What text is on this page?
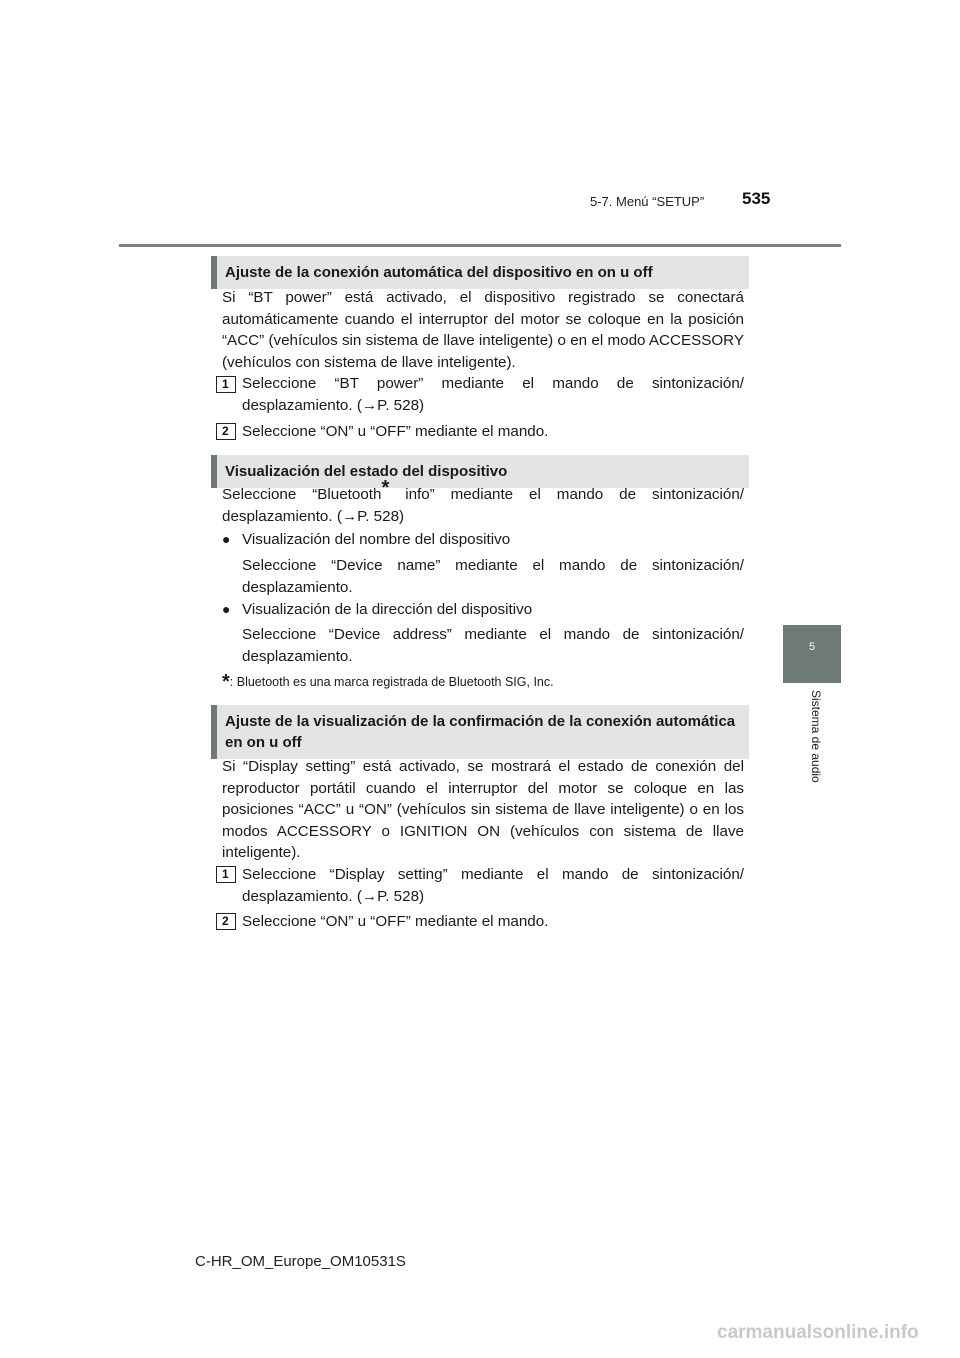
5-7. Menú “SETUP” 535
5
Sistema de audio
Ajuste de la conexión automática del dispositivo en on u off
Si “BT power” está activado, el dispositivo registrado se conectará automáticamente cuando el interruptor del motor se coloque en la posición “ACC” (vehículos sin sistema de llave inteligente) o en el modo ACCESSORY (vehículos con sistema de llave inteligente).
1 Seleccione “BT power” mediante el mando de sintonización/ desplazamiento. (→P. 528)
2 Seleccione “ON” u “OFF” mediante el mando.
Visualización del estado del dispositivo
Seleccione “Bluetooth* info” mediante el mando de sintonización/ desplazamiento. (→P. 528)
● Visualización del nombre del dispositivo
Seleccione “Device name” mediante el mando de sintonización/ desplazamiento.
● Visualización de la dirección del dispositivo
Seleccione “Device address” mediante el mando de sintonización/ desplazamiento.
*: Bluetooth es una marca registrada de Bluetooth SIG, Inc.
Ajuste de la visualización de la confirmación de la conexión automática en on u off
Si “Display setting” está activado, se mostrará el estado de conexión del reproductor portátil cuando el interruptor del motor se coloque en las posiciones “ACC” u “ON” (vehículos sin sistema de llave inteligente) o en los modos ACCESSORY o IGNITION ON (vehículos con sistema de llave inteligente).
1 Seleccione “Display setting” mediante el mando de sintonización/ desplazamiento. (→P. 528)
2 Seleccione “ON” u “OFF” mediante el mando.
C-HR_OM_Europe_OM10531S
carmanualsonline.info
